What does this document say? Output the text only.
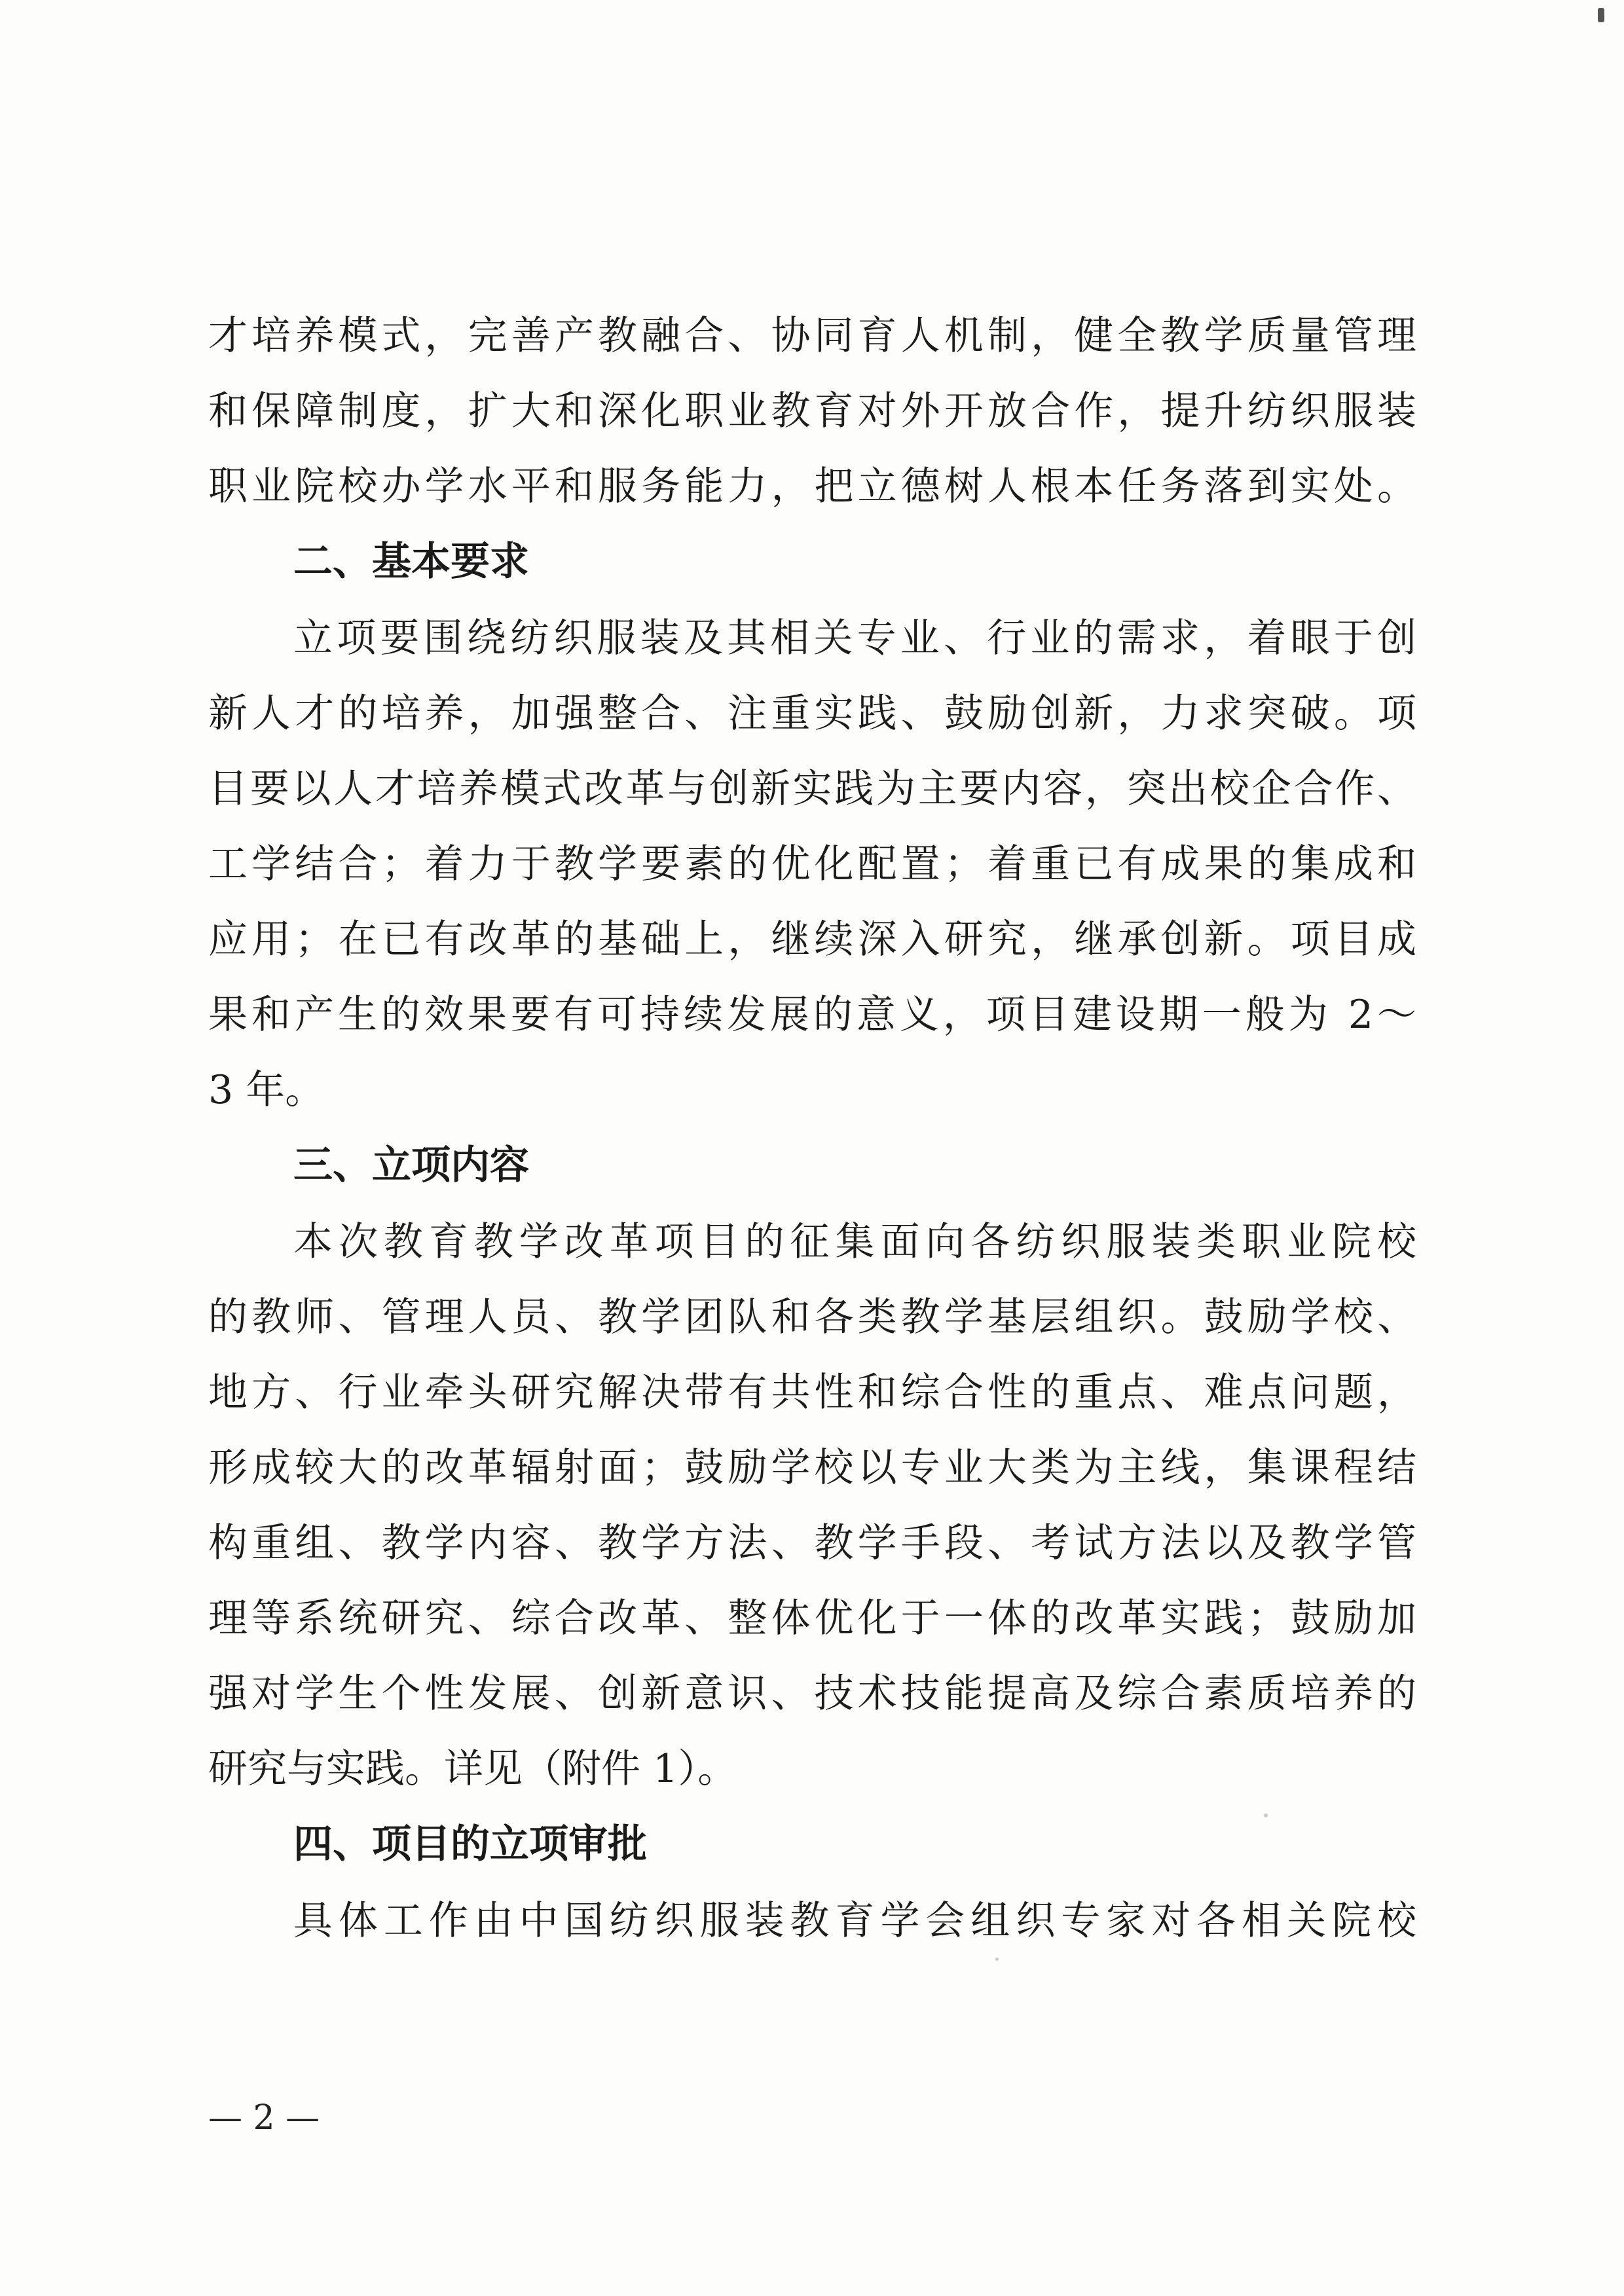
才培养模式，完善产教融合、协同育人机制，健全教学质量管理
和保障制度，扩大和深化职业教育对外开放合作，提升纺织服装
职业院校办学水平和服务能力，把立德树人根本任务落到实处。
二、基本要求
立项要围绕纺织服装及其相关专业、行业的需求，着眼于创
新人才的培养，加强整合、注重实践、鼓励创新，力求突破。项
目要以人才培养模式改革与创新实践为主要内容，突出校企合作、
工学结合；着力于教学要素的优化配置；着重已有成果的集成和
应用；在已有改革的基础上，继续深入研究，继承创新。项目成
果和产生的效果要有可持续发展的意义，项目建设期一般为 2～
3 年。
三、立项内容
本次教育教学改革项目的征集面向各纺织服装类职业院校
的教师、管理人员、教学团队和各类教学基层组织。鼓励学校、
地方、行业牵头研究解决带有共性和综合性的重点、难点问题，
形成较大的改革辐射面；鼓励学校以专业大类为主线，集课程结
构重组、教学内容、教学方法、教学手段、考试方法以及教学管
理等系统研究、综合改革、整体优化于一体的改革实践；鼓励加
强对学生个性发展、创新意识、技术技能提高及综合素质培养的
研究与实践。详见（附件 1）。
四、项目的立项审批
具体工作由中国纺织服装教育学会组织专家对各相关院校
— 2 —
